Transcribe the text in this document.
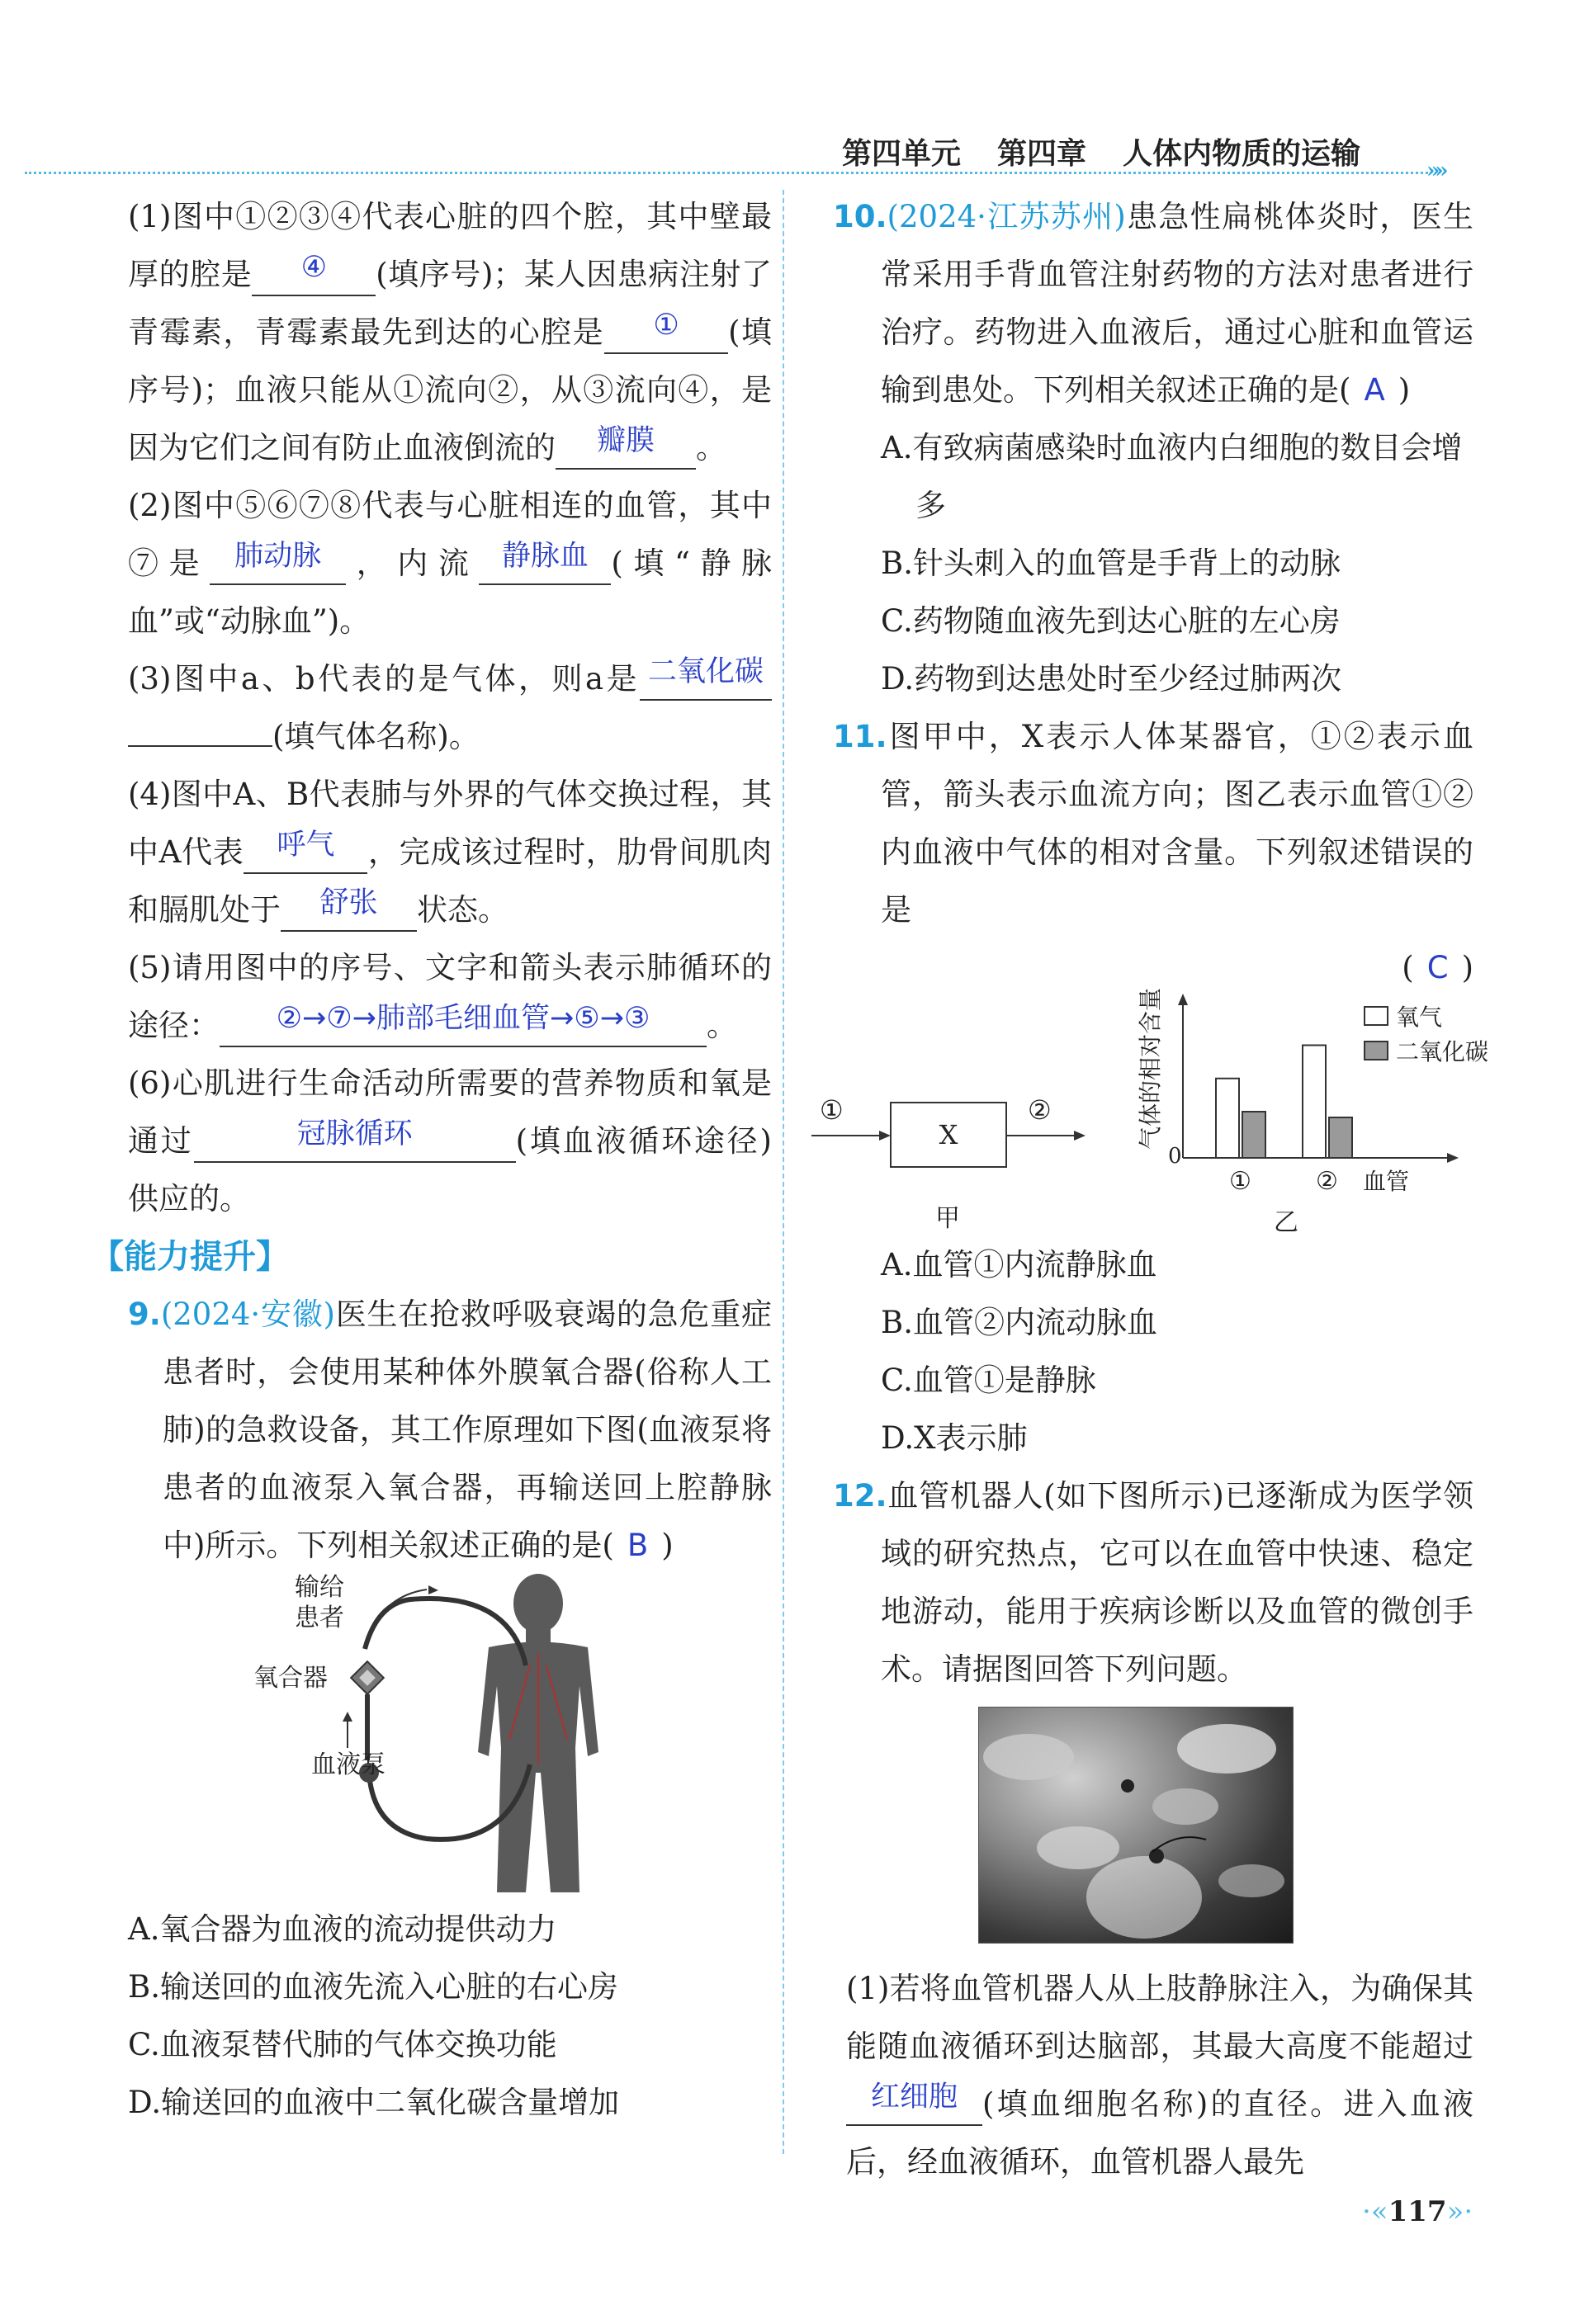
第四单元 第四章 人体内物质的运输	»»

(1)图中①②③④代表心脏的四个腔，其中壁最厚的腔是 ④ (填序号)；某人因患病注射了青霉素，青霉素最先到达的心腔是 ① (填序号)；血液只能从①流向②，从③流向④，是因为它们之间有防止血液倒流的 瓣膜 。

(2)图中⑤⑥⑦⑧代表与心脏相连的血管，其中⑦是 肺动脉 ，内流 静脉血 (填“静脉血”或“动脉血”)。

(3)图中a、b代表的是气体，则a是 二氧化碳(填气体名称)。

(4)图中A、B代表肺与外界的气体交换过程，其中A代表 呼气 ，完成该过程时，肋骨间肌肉和膈肌处于 舒张 状态。

(5)请用图中的序号、文字和箭头表示肺循环的途径： ②→⑦→肺部毛细血管→⑤→③ 。

(6)心肌进行生命活动所需要的营养物质和氧是通过	冠脉循环	(填血液循环途径)供应的。

【能力提升】

9.(2024·安徽)医生在抢救呼吸衰竭的急危重症患者时，会使用某种体外膜氧合器(俗称人工肺)的急救设备，其工作原理如下图(血液泵将患者的血液泵入氧合器，再输送回上腔静脉中)所示。下列相关叙述正确的是( B )

输给
患者
氧合器
血液泵

A.氧合器为血液的流动提供动力

B.输送回的血液先流入心脏的右心房

C.血液泵替代肺的气体交换功能

D.输送回的血液中二氧化碳含量增加

10.(2024·江苏苏州)患急性扁桃体炎时，医生常采用手背血管注射药物的方法对患者进行治疗。药物进入血液后，通过心脏和血管运输到患处。下列相关叙述正确的是( A )

A.有致病菌感染时血液内白细胞的数目会增多

B.针头刺入的血管是手背上的动脉

C.药物随血液先到达心脏的左心房

D.药物到达患处时至少经过肺两次

11.图甲中，X表示人体某器官，①②表示血管，箭头表示血流方向；图乙表示血管①②内血液中气体的相对含量。下列叙述错误的是

( C )

①
X
②
甲
0
气体的相对含量
①	② 血管
氧气
二氧化碳
乙

A.血管①内流静脉血

B.血管②内流动脉血

C.血管①是静脉

D.X表示肺

12.血管机器人(如下图所示)已逐渐成为医学领域的研究热点，它可以在血管中快速、稳定地游动，能用于疾病诊断以及血管的微创手术。请据图回答下列问题。

(1)若将血管机器人从上肢静脉注入，为确保其能随血液循环到达脑部，其最大高度不能超过红细胞 (填血细胞名称)的直径。进入血液后，经血液循环，血管机器人最先

·«117»·
